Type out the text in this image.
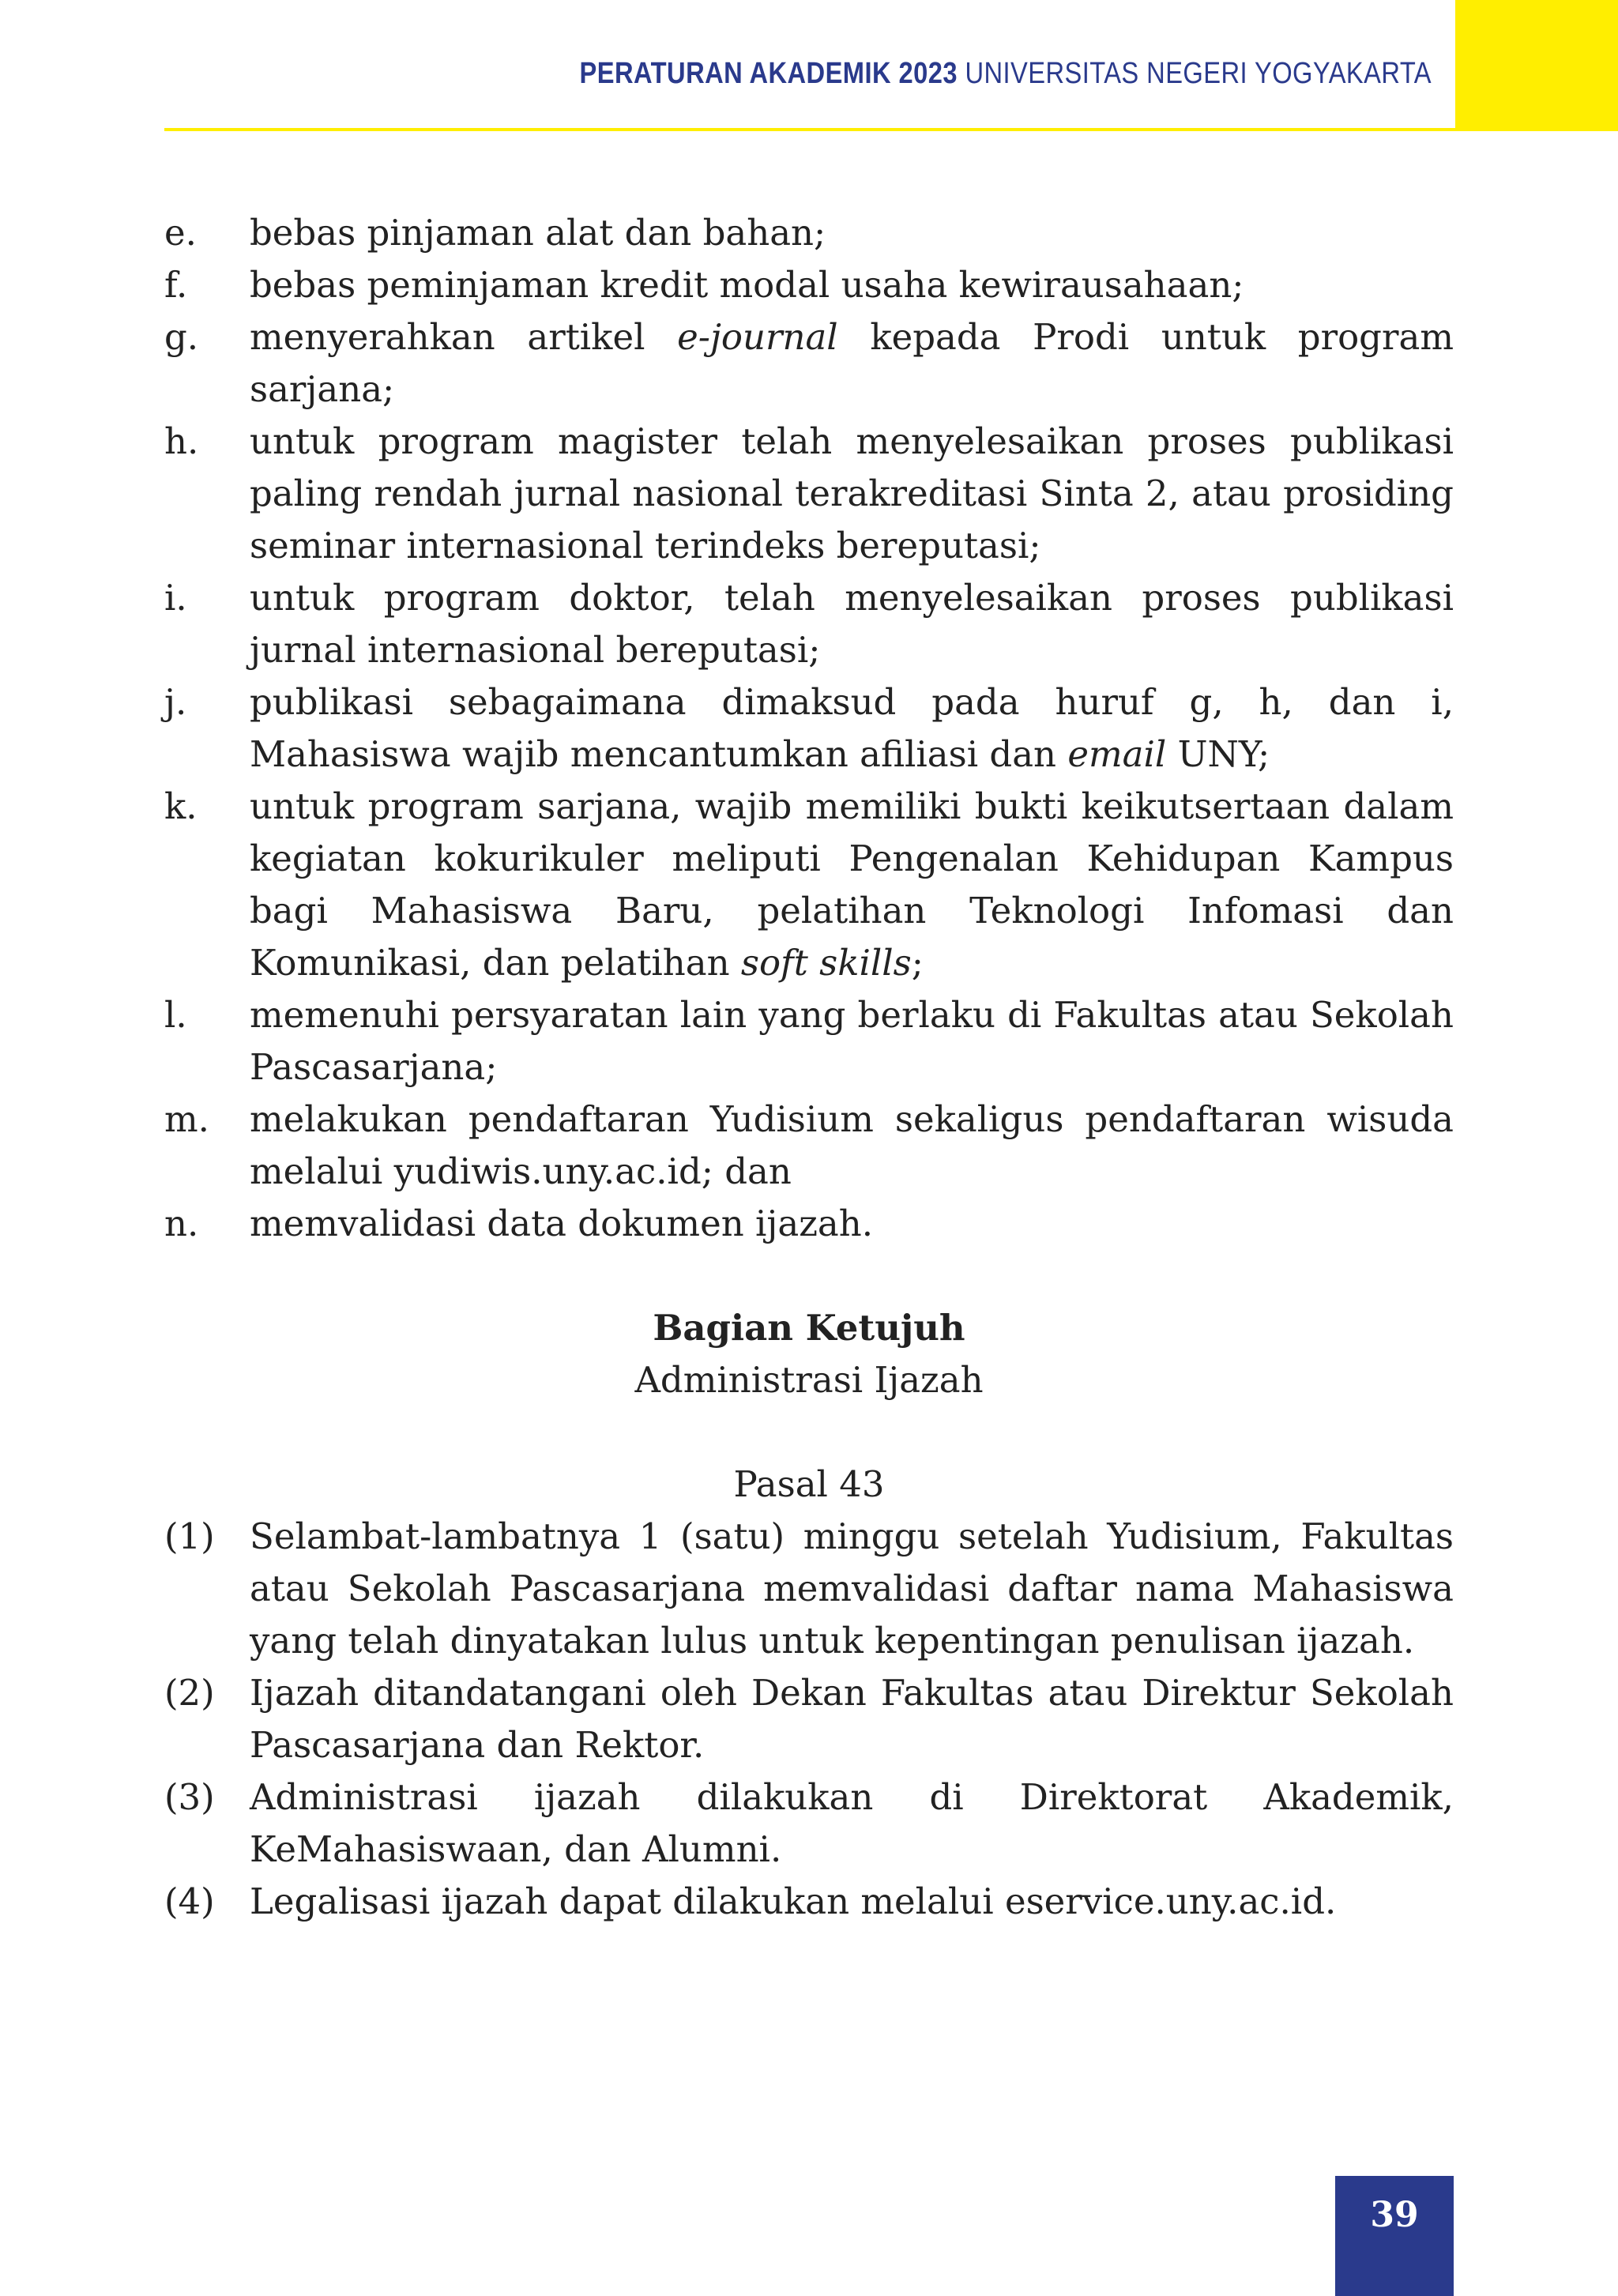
PERATURAN AKADEMIK 2023 UNIVERSITAS NEGERI YOGYAKARTA
e. bebas pinjaman alat dan bahan;
f. bebas peminjaman kredit modal usaha kewirausahaan;
g. menyerahkan artikel e-journal kepada Prodi untuk program sarjana;
h. untuk program magister telah menyelesaikan proses publikasi paling rendah jurnal nasional terakreditasi Sinta 2, atau prosiding seminar internasional terindeks bereputasi;
i. untuk program doktor, telah menyelesaikan proses publikasi jurnal internasional bereputasi;
j. publikasi sebagaimana dimaksud pada huruf g, h, dan i, Mahasiswa wajib mencantumkan afiliasi dan email UNY;
k. untuk program sarjana, wajib memiliki bukti keikutsertaan dalam kegiatan kokurikuler meliputi Pengenalan Kehidupan Kampus bagi Mahasiswa Baru, pelatihan Teknologi Infomasi dan Komunikasi, dan pelatihan soft skills;
l. memenuhi persyaratan lain yang berlaku di Fakultas atau Sekolah Pascasarjana;
m. melakukan pendaftaran Yudisium sekaligus pendaftaran wisuda melalui yudiwis.uny.ac.id; dan
n. memvalidasi data dokumen ijazah.
Bagian Ketujuh
Administrasi Ijazah
Pasal 43
(1) Selambat-lambatnya 1 (satu) minggu setelah Yudisium, Fakultas atau Sekolah Pascasarjana memvalidasi daftar nama Mahasiswa yang telah dinyatakan lulus untuk kepentingan penulisan ijazah.
(2) Ijazah ditandatangani oleh Dekan Fakultas atau Direktur Sekolah Pascasarjana dan Rektor.
(3) Administrasi ijazah dilakukan di Direktorat Akademik, KeMahasiswaan, dan Alumni.
(4) Legalisasi ijazah dapat dilakukan melalui eservice.uny.ac.id.
39
